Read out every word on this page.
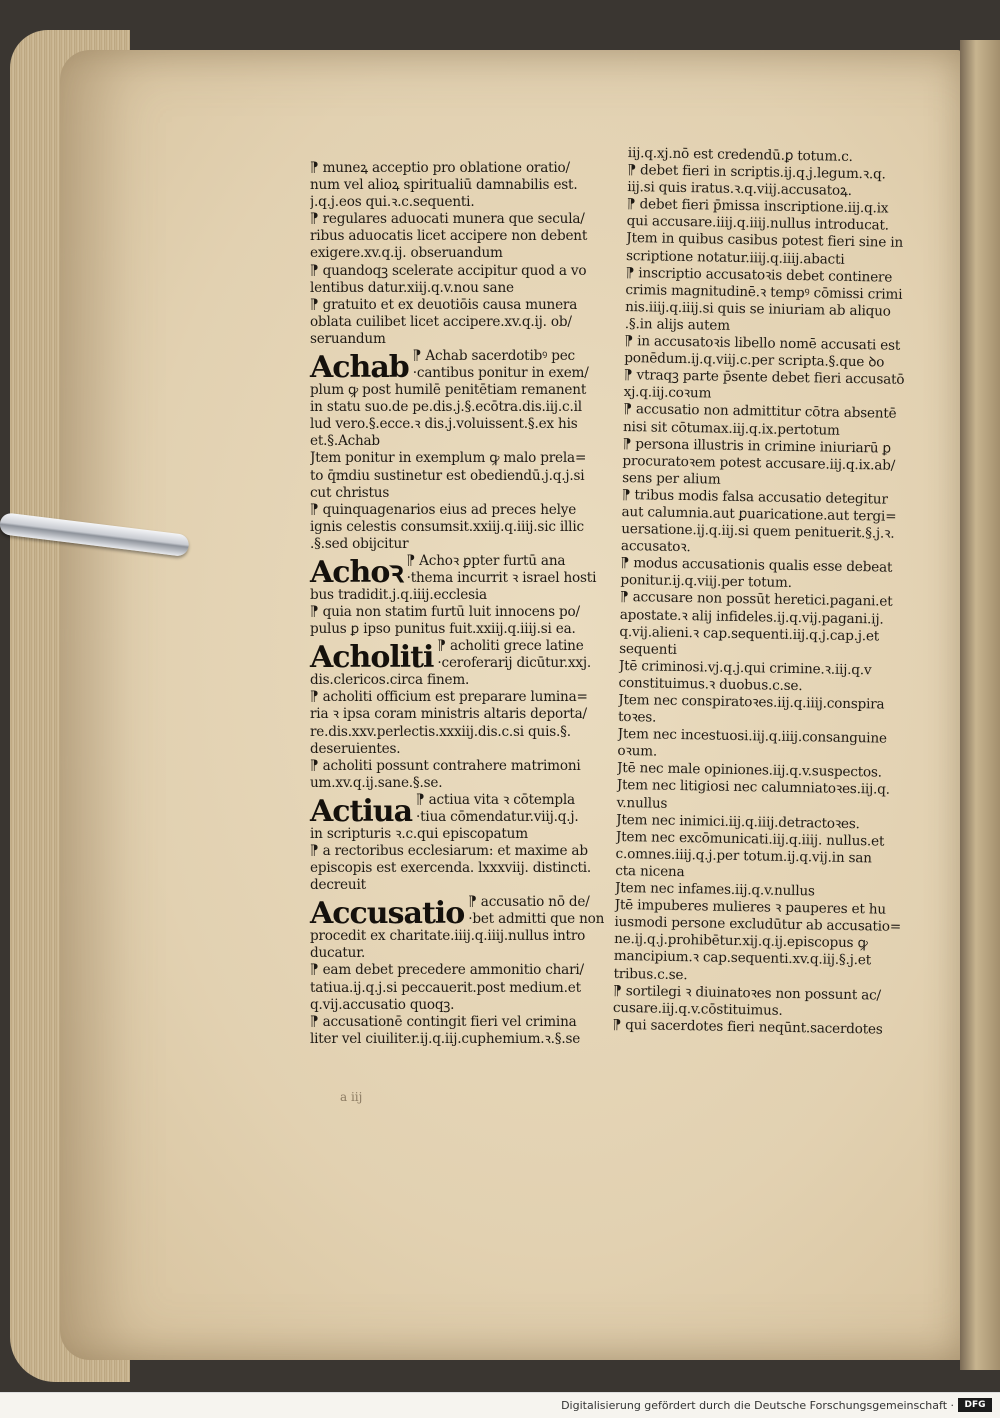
⁋ muneꝝ acceptio pro oblatione oratio/
num vel alioꝝ spiritualiū damnabilis est.
j.q.j.eos qui.ꝛ.c.sequenti.
⁋ regulares aduocati munera que secula/
ribus aduocatis licet accipere non debent
exigere.xv.q.ij. obseruandum
⁋ quandoqꝫ scelerate accipitur quod a vo
lentibus datur.xiij.q.v.nou sane
⁋ gratuito et ex deuotiōis causa munera
oblata cuilibet licet accipere.xv.q.ij. ob/
seruandum
Achab ⁋ Achab sacerdotibꝰ pec
·cantibus ponitur in exem/
plum ꝙ post humilē penitētiam remanent
in statu suo.de pe.dis.j.§.ecōtra.dis.iij.c.il
lud vero.§.ecce.ꝛ dis.j.voluissent.§.ex his
et.§.Achab
Jtem ponitur in exemplum ꝙ malo prela=
to q̄mdiu sustinetur est obediendū.j.q.j.si
cut christus
⁋ quinquagenarios eius ad preces helye
ignis celestis consumsit.xxiij.q.iiij.sic illic
.§.sed obijcitur
Achoꝛ ⁋ Achoꝛ ꝑpter furtū ana
·thema incurrit ꝛ israel hosti
bus tradidit.j.q.iiij.ecclesia
⁋ quia non statim furtū luit innocens po/
pulus ꝑ ipso punitus fuit.xxiij.q.iiij.si ea.
Acholiti ⁋ acholiti grece latine
·ceroferarij dicūtur.xxj.
dis.clericos.circa finem.
⁋ acholiti officium est preparare lumina=
ria ꝛ ipsa coram ministris altaris deporta/
re.dis.xxv.perlectis.xxxiij.dis.c.si quis.§.
deseruientes.
⁋ acholiti possunt contrahere matrimoni
um.xv.q.ij.sane.§.se.
Actiua ⁋ actiua vita ꝛ cōtempla
·tiua cōmendatur.viij.q.j.
in scripturis ꝛ.c.qui episcopatum
⁋ a rectoribus ecclesiarum: et maxime ab
episcopis est exercenda. lxxxviij. distincti.
decreuit
Accusatio ⁋ accusatio nō de/
·bet admitti que non
procedit ex charitate.iiij.q.iiij.nullus intro
ducatur.
⁋ eam debet precedere ammonitio chari/
tatiua.ij.q.j.si peccauerit.post medium.et
q.vij.accusatio quoqꝫ.
⁋ accusationē contingit fieri vel crimina
liter vel ciuiliter.ij.q.iij.cuphemium.ꝛ.§.se
a iij
iij.q.xj.nō est credendū.ꝑ totum.c.
⁋ debet fieri in scriptis.ij.q.j.legum.ꝛ.q.
iij.si quis iratus.ꝛ.q.viij.accusatoꝝ.
⁋ debet fieri p̄missa inscriptione.iij.q.ix
qui accusare.iiij.q.iiij.nullus introducat.
Jtem in quibus casibus potest fieri sine in
scriptione notatur.iiij.q.iiij.abacti
⁋ inscriptio accusatoꝛis debet continere
crimis magnitudinē.ꝛ tempꝰ cōmissi crimi
nis.iiij.q.iiij.si quis se iniuriam ab aliquo
.§.in alijs autem
⁋ in accusatoꝛis libello nomē accusati est
ponēdum.ij.q.viij.c.per scripta.§.que ꝺo
⁋ vtraqꝫ parte p̄sente debet fieri accusatō
xj.q.iij.coꝛum
⁋ accusatio non admittitur cōtra absentē
nisi sit cōtumax.iij.q.ix.pertotum
⁋ persona illustris in crimine iniuriarū ꝑ
procuratoꝛem potest accusare.iij.q.ix.ab/
sens per alium
⁋ tribus modis falsa accusatio detegitur
aut calumnia.aut ꝑuaricatione.aut tergi=
uersatione.ij.q.iij.si quem penituerit.§.j.ꝛ.
accusatoꝛ.
⁋ modus accusationis qualis esse debeat
ponitur.ij.q.viij.per totum.
⁋ accusare non possūt heretici.pagani.et
apostate.ꝛ alij infideles.ij.q.vij.pagani.ij.
q.vij.alieni.ꝛ cap.sequenti.iij.q.j.cap.j.et
sequenti
Jtē criminosi.vj.q.j.qui crimine.ꝛ.iij.q.v
constituimus.ꝛ duobus.c.se.
Jtem nec conspiratoꝛes.iij.q.iiij.conspira
toꝛes.
Jtem nec incestuosi.iij.q.iiij.consanguine
oꝛum.
Jtē nec male opiniones.iij.q.v.suspectos.
Jtem nec litigiosi nec calumniatoꝛes.iij.q.
v.nullus
Jtem nec inimici.iij.q.iiij.detractoꝛes.
Jtem nec excōmunicati.iij.q.iiij. nullus.et
c.omnes.iiij.q.j.per totum.ij.q.vij.in san
cta nicena
Jtem nec infames.iij.q.v.nullus
Jtē impuberes mulieres ꝛ pauperes et hu
iusmodi persone excludūtur ab accusatio=
ne.ij.q.j.prohibētur.xij.q.ij.episcopus ꝙ
mancipium.ꝛ cap.sequenti.xv.q.iij.§.j.et
tribus.c.se.
⁋ sortilegi ꝛ diuinatoꝛes non possunt ac/
cusare.iij.q.v.cōstituimus.
⁋ qui sacerdotes fieri neqūnt.sacerdotes
Digitalisierung gefördert durch die Deutsche Forschungsgemeinschaft ·	DFG
